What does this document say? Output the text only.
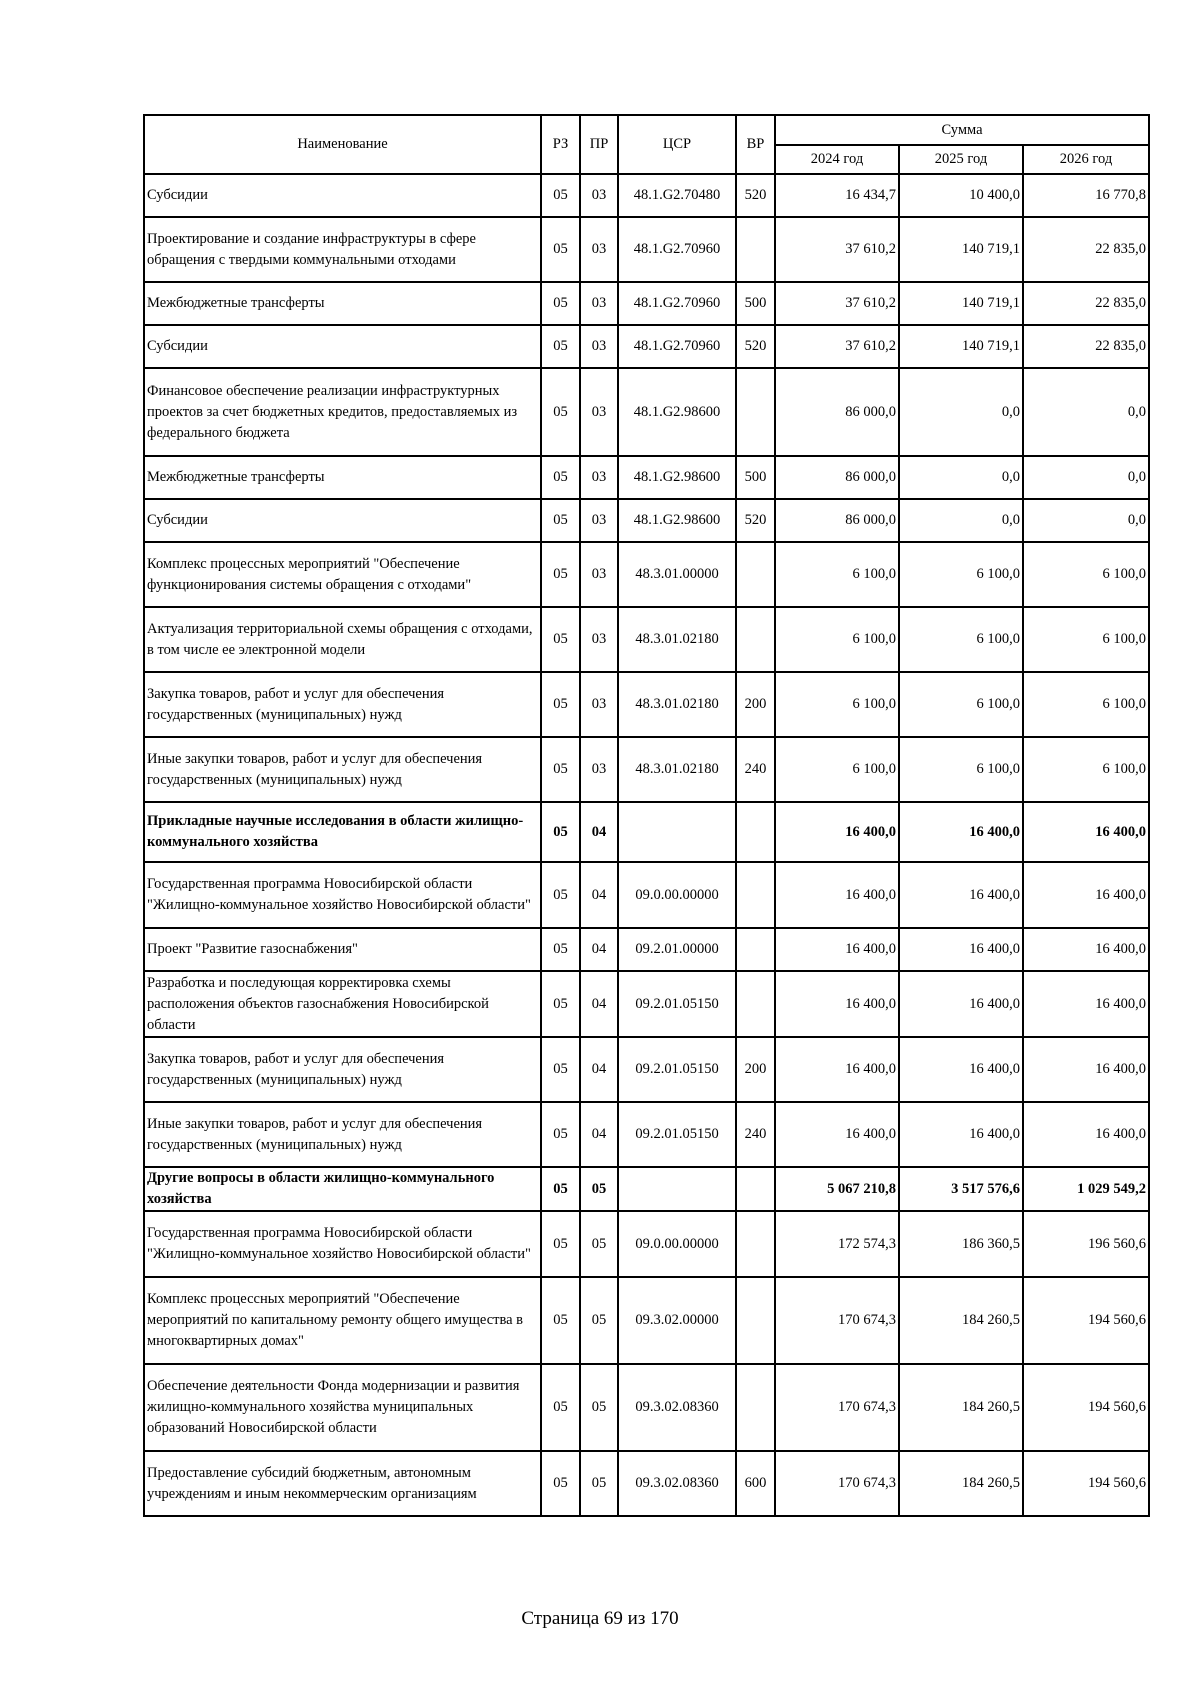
Наименование	РЗ	ПР	ЦСР	ВР	Сумма		
					2024 год	2025 год	2026 год
Субсидии	05	03	48.1.G2.70480	520	16 434,7	10 400,0	16 770,8
Проектирование и создание инфраструктуры в сфере обращения с твердыми коммунальными отходами	05	03	48.1.G2.70960		37 610,2	140 719,1	22 835,0
Межбюджетные трансферты	05	03	48.1.G2.70960	500	37 610,2	140 719,1	22 835,0
Субсидии	05	03	48.1.G2.70960	520	37 610,2	140 719,1	22 835,0
Финансовое обеспечение реализации инфраструктурных проектов за счет бюджетных кредитов, предоставляемых из федерального бюджета	05	03	48.1.G2.98600		86 000,0	0,0	0,0
Межбюджетные трансферты	05	03	48.1.G2.98600	500	86 000,0	0,0	0,0
Субсидии	05	03	48.1.G2.98600	520	86 000,0	0,0	0,0
Комплекс процессных мероприятий "Обеспечение функционирования системы обращения с отходами"	05	03	48.3.01.00000		6 100,0	6 100,0	6 100,0
Актуализация территориальной схемы обращения с отходами, в том числе ее электронной модели	05	03	48.3.01.02180		6 100,0	6 100,0	6 100,0
Закупка товаров, работ и услуг для обеспечения государственных (муниципальных) нужд	05	03	48.3.01.02180	200	6 100,0	6 100,0	6 100,0
Иные закупки товаров, работ и услуг для обеспечения государственных (муниципальных) нужд	05	03	48.3.01.02180	240	6 100,0	6 100,0	6 100,0
Прикладные научные исследования в области жилищно-коммунального хозяйства	05	04			16 400,0	16 400,0	16 400,0
Государственная программа Новосибирской области "Жилищно-коммунальное хозяйство Новосибирской области"	05	04	09.0.00.00000		16 400,0	16 400,0	16 400,0
Проект "Развитие газоснабжения"	05	04	09.2.01.00000		16 400,0	16 400,0	16 400,0
Разработка и последующая корректировка схемы расположения объектов газоснабжения Новосибирской области	05	04	09.2.01.05150		16 400,0	16 400,0	16 400,0
Закупка товаров, работ и услуг для обеспечения государственных (муниципальных) нужд	05	04	09.2.01.05150	200	16 400,0	16 400,0	16 400,0
Иные закупки товаров, работ и услуг для обеспечения государственных (муниципальных) нужд	05	04	09.2.01.05150	240	16 400,0	16 400,0	16 400,0
Другие вопросы в области жилищно-коммунального хозяйства	05	05			5 067 210,8	3 517 576,6	1 029 549,2
Государственная программа Новосибирской области "Жилищно-коммунальное хозяйство Новосибирской области"	05	05	09.0.00.00000		172 574,3	186 360,5	196 560,6
Комплекс процессных мероприятий "Обеспечение мероприятий по капитальному ремонту общего имущества в многоквартирных домах"	05	05	09.3.02.00000		170 674,3	184 260,5	194 560,6
Обеспечение деятельности Фонда модернизации и развития жилищно-коммунального хозяйства муниципальных образований Новосибирской области	05	05	09.3.02.08360		170 674,3	184 260,5	194 560,6
Предоставление субсидий бюджетным, автономным учреждениям и иным некоммерческим организациям	05	05	09.3.02.08360	600	170 674,3	184 260,5	194 560,6
Страница 69 из 170
